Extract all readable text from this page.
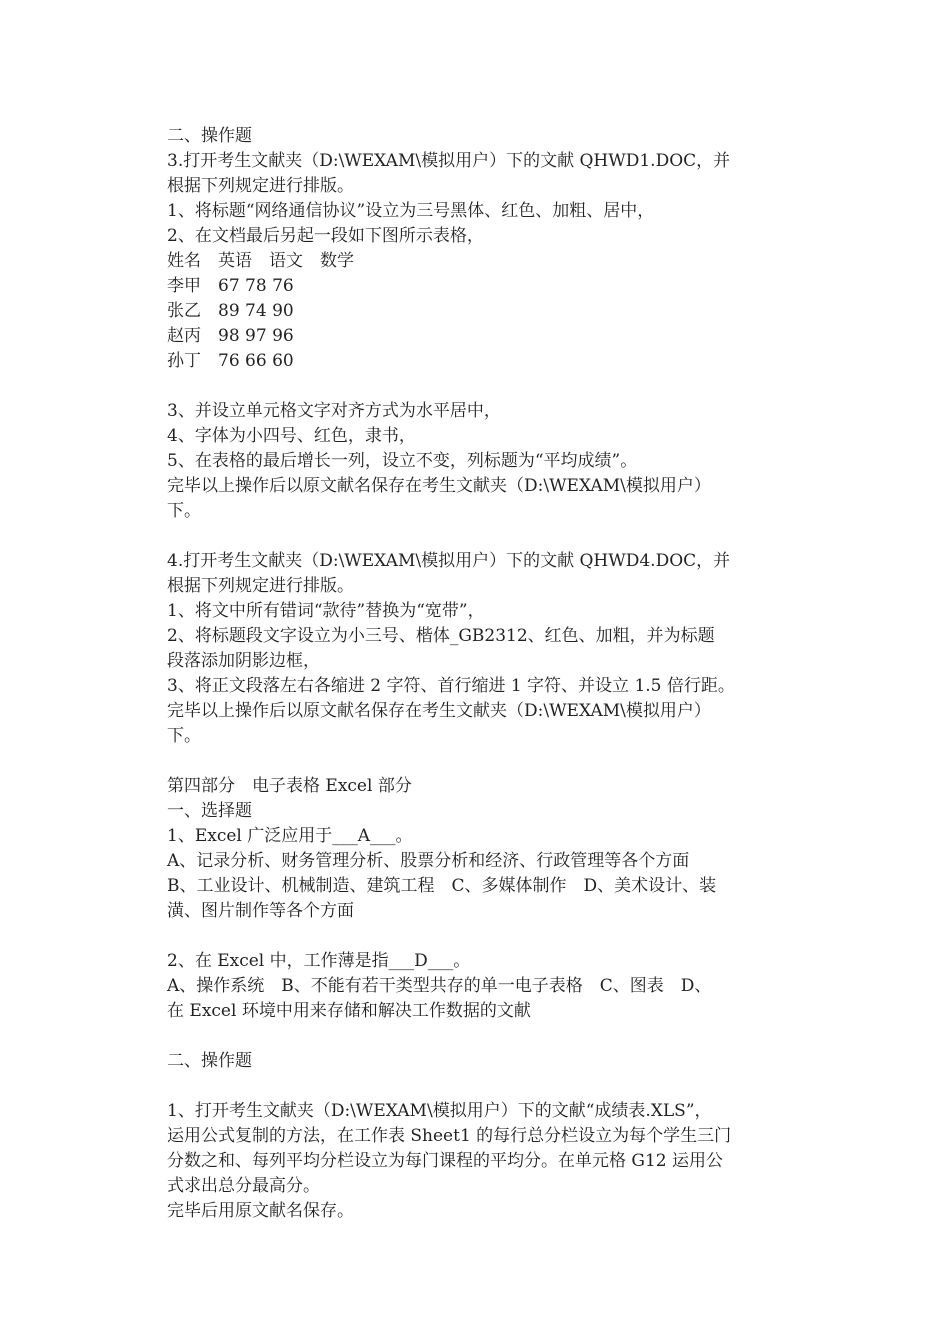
二、操作题

3.打开考生文献夹（D:\WEXAM\模拟用户）下的文献 QHWD1.DOC，并

根据下列规定进行排版。

1、将标题“网络通信协议”设立为三号黑体、红色、加粗、居中，

2、在文档最后另起一段如下图所示表格，

姓名　英语　语文　数学

李甲　67 78 76

张乙　89 74 90

赵丙　98 97 96

孙丁　76 66 60

3、并设立单元格文字对齐方式为水平居中，

4、字体为小四号、红色，隶书，

5、在表格的最后增长一列，设立不变，列标题为“平均成绩”。

完毕以上操作后以原文献名保存在考生文献夹（D:\WEXAM\模拟用户）

下。

4.打开考生文献夹（D:\WEXAM\模拟用户）下的文献 QHWD4.DOC，并

根据下列规定进行排版。

1、将文中所有错词“款待”替换为“宽带”，

2、将标题段文字设立为小三号、楷体_GB2312、红色、加粗，并为标题

段落添加阴影边框，

3、将正文段落左右各缩进 2 字符、首行缩进 1 字符、并设立 1.5 倍行距。

完毕以上操作后以原文献名保存在考生文献夹（D:\WEXAM\模拟用户）

下。

第四部分　电子表格 Excel 部分

一、选择题

1、Excel 广泛应用于___A___。

A、记录分析、财务管理分析、股票分析和经济、行政管理等各个方面

B、工业设计、机械制造、建筑工程　C、多媒体制作　D、美术设计、装

潢、图片制作等各个方面

2、在 Excel 中，工作薄是指___D___。

A、操作系统　B、不能有若干类型共存的单一电子表格　C、图表　D、

在 Excel 环境中用来存储和解决工作数据的文献

二、操作题

1、打开考生文献夹（D:\WEXAM\模拟用户）下的文献“成绩表.XLS”，

运用公式复制的方法，在工作表 Sheet1 的每行总分栏设立为每个学生三门

分数之和、每列平均分栏设立为每门课程的平均分。在单元格 G12 运用公

式求出总分最高分。

完毕后用原文献名保存。
